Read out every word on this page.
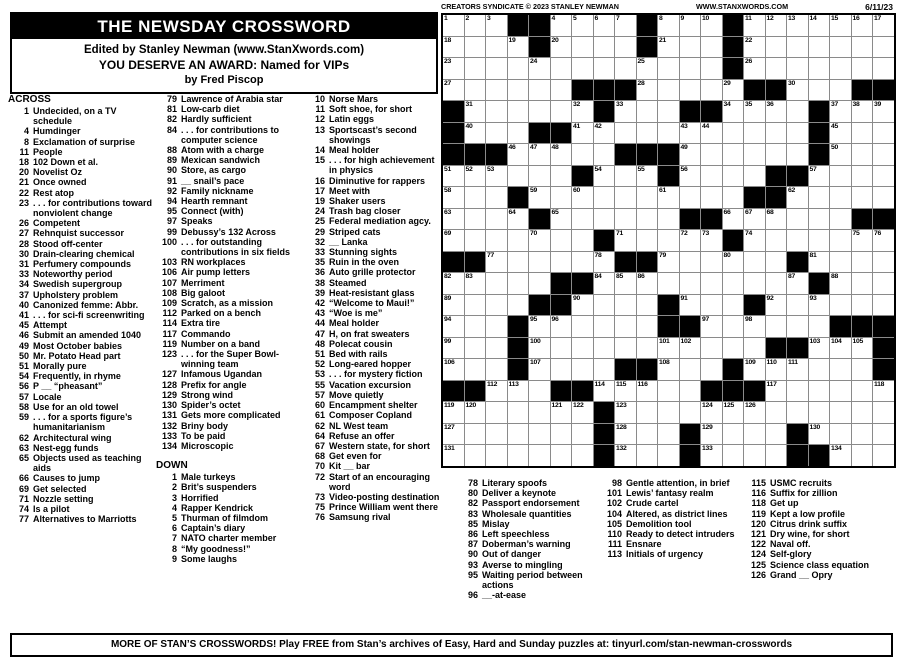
CREATORS SYNDICATE © 2023 STANLEY NEWMAN	WWW.STANXWORDS.COM	6/11/23
THE NEWSDAY CROSSWORD
Edited by Stanley Newman (www.StanXwords.com)
YOU DESERVE AN AWARD: Named for VIPs
by Fred Piscop
1	2	3	4	5	6	7	8	9	10	11 12 13 14 15 16 17
18	19	20	21	22
23	24	25	26
27	28	29	30
31	32	33	34 35 36	37 38 39
40	41 42	43 44	45
46 47 48	49	50
51 52 53	54	55	56	57
58	59	60	61	62
63	64	65	66 67 68
69	70	71	72 73	74	75 76
77	78	79	80	81
82 83	84 85 86	87	88
89	90	91	92	93
94	95 96	97	98
99	100	101 102	103 104 105
106	107	108	109 110 111
112 113	114 115 116	117	118
119 120	121 122	123	124 125 126
127	128	129	130
131	132	133	134
ACROSS
1 Undecided, on a TV schedule
4 Humdinger
8 Exclamation of surprise
11 People
18 102 Down et al.
20 Novelist Oz
21 Once owned
22 Rest atop
23 . . . for contributions toward nonviolent change
26 Competent
27 Rehnquist successor
28 Stood off-center
30 Drain-clearing chemical
31 Perfumery compounds
33 Noteworthy period
34 Swedish supergroup
37 Upholstery problem
40 Canonized femme: Abbr.
41 . . . for sci-fi screenwriting
45 Attempt
46 Submit an amended 1040
49 Most October babies
50 Mr. Potato Head part
51 Morally pure
54 Frequently, in rhyme
56 P __ “pheasant”
57 Locale
58 Use for an old towel
59 . . . for a sports figure’s humanitarianism
62 Architectural wing
63 Nest-egg funds
65 Objects used as teaching aids
66 Causes to jump
69 Get selected
71 Nozzle setting
74 Is a pilot
77 Alternatives to Marriotts
79 Lawrence of Arabia star
81 Low-carb diet
82 Hardly sufficient
84 . . . for contributions to computer science
88 Atom with a charge
89 Mexican sandwich
90 Store, as cargo
91 __ snail’s pace
92 Family nickname
94 Hearth remnant
95 Connect (with)
97 Speaks
99 Debussy’s 132 Across
100 . . . for outstanding contributions in six fields
103 RN workplaces
106 Air pump letters
107 Merriment
108 Big galoot
109 Scratch, as a mission
112 Parked on a bench
114 Extra tire
117 Commando
119 Number on a band
123 . . . for the Super Bowl-winning team
127 Infamous Ugandan
128 Prefix for angle
129 Strong wind
130 Spider’s octet
131 Gets more complicated
132 Briny body
133 To be paid
134 Microscopic
DOWN
1 Male turkeys
2 Brit’s suspenders
3 Horrified
4 Rapper Kendrick
5 Thurman of filmdom
6 Captain’s diary
7 NATO charter member
8 “My goodness!”
9 Some laughs
10 Norse Mars
11 Soft shoe, for short
12 Latin eggs
13 Sportscast’s second showings
14 Meal holder
15 . . . for high achievement in physics
16 Diminutive for rappers
17 Meet with
19 Shaker users
24 Trash bag closer
25 Federal mediation agcy.
29 Striped cats
32 __ Lanka
33 Stunning sights
35 Ruin in the oven
36 Auto grille protector
38 Steamed
39 Heat-resistant glass
42 “Welcome to Maui!”
43 “Woe is me”
44 Meal holder
47 H, on frat sweaters
48 Polecat cousin
51 Bed with rails
52 Long-eared hopper
53 . . . for mystery fiction
55 Vacation excursion
57 Move quietly
60 Encampment shelter
61 Composer Copland
62 NL West team
64 Refuse an offer
67 Western state, for short
68 Get even for
70 Kit __ bar
72 Start of an encouraging word
73 Video-posting destination
75 Prince William went there
76 Samsung rival
78 Literary spoofs
80 Deliver a keynote
82 Passport endorsement
83 Wholesale quantities
85 Mislay
86 Left speechless
87 Doberman’s warning
90 Out of danger
93 Averse to mingling
95 Waiting period between actions
96 __-at-ease
98 Gentle attention, in brief
101 Lewis’ fantasy realm
102 Crude cartel
104 Altered, as district lines
105 Demolition tool
110 Ready to detect intruders
111 Ensnare
113 Initials of urgency
115 USMC recruits
116 Suffix for zillion
118 Get up
119 Kept a low profile
120 Citrus drink suffix
121 Dry wine, for short
122 Naval off.
124 Self-glory
125 Science class equation
126 Grand __ Opry
MORE OF STAN’S CROSSWORDS! Play FREE from Stan’s archives of Easy, Hard and Sunday puzzles at: tinyurl.com/stan-newman-crosswords
